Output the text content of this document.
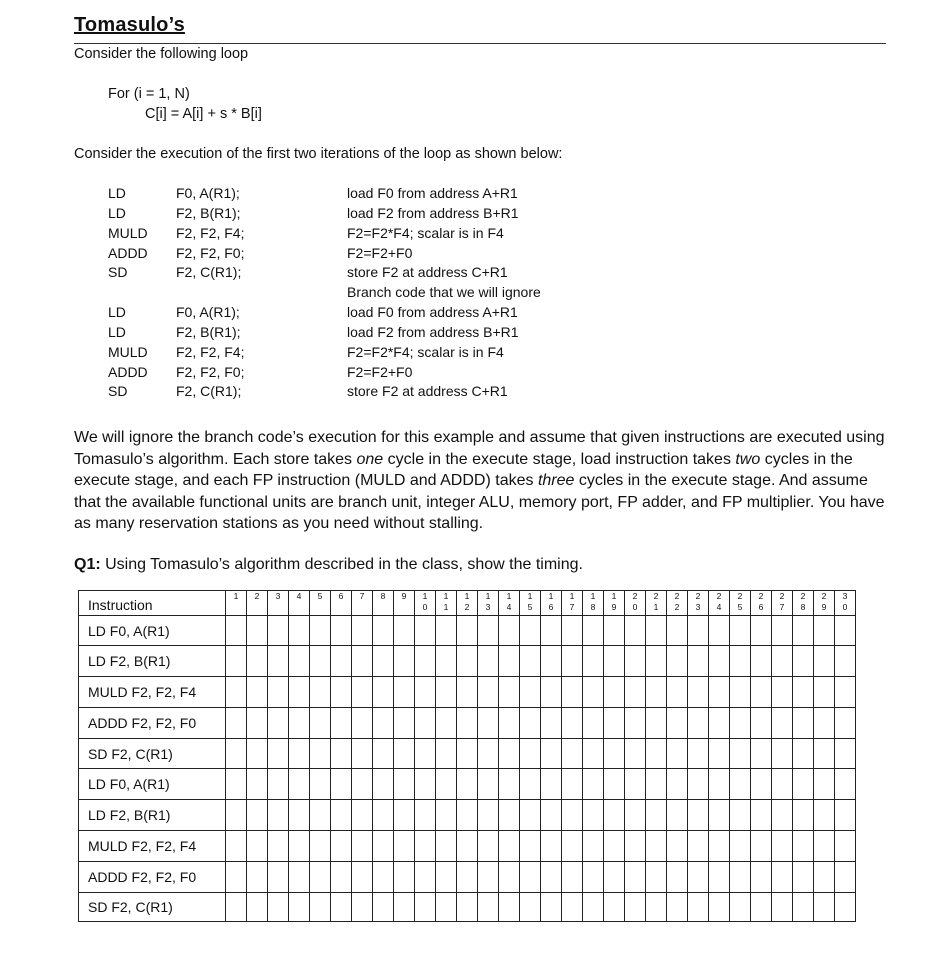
Tomasulo’s
Consider the following loop
For (i = 1, N)
C[i] = A[i] + s * B[i]
Consider the execution of the first two iterations of the loop as shown below:
LD	F0, A(R1);	load F0 from address A+R1
LD	F2, B(R1);	load F2 from address B+R1
MULD F2, F2, F4;	F2=F2*F4; scalar is in F4
ADDD F2, F2, F0;	F2=F2+F0
SD	F2, C(R1);	store F2 at address C+R1
Branch code that we will ignore
LD	F0, A(R1);	load F0 from address A+R1
LD	F2, B(R1);	load F2 from address B+R1
MULD F2, F2, F4;	F2=F2*F4; scalar is in F4
ADDD F2, F2, F0;	F2=F2+F0
SD	F2, C(R1);	store F2 at address C+R1
We will ignore the branch code’s execution for this example and assume that given instructions are executed using Tomasulo’s algorithm. Each store takes one cycle in the execute stage, load instruction takes two cycles in the execute stage, and each FP instruction (MULD and ADDD) takes three cycles in the execute stage. And assume that the available functional units are branch unit, integer ALU, memory port, FP adder, and FP multiplier. You have as many reservation stations as you need without stalling.
Q1: Using Tomasulo’s algorithm described in the class, show the timing.
Instruction	1	2	3	4	5	6	7	8	9	10	11	12	13	14	15	16	17	18	19	20	21	22	23	24	25	26	27	28	29	30

LD F0, A(R1)																														
LD F2, B(R1)																														
MULD F2, F2, F4																														
ADDD F2, F2, F0																														
SD F2, C(R1)																														
LD F0, A(R1)																														
LD F2, B(R1)																														
MULD F2, F2, F4																														
ADDD F2, F2, F0																														
SD F2, C(R1)																														
